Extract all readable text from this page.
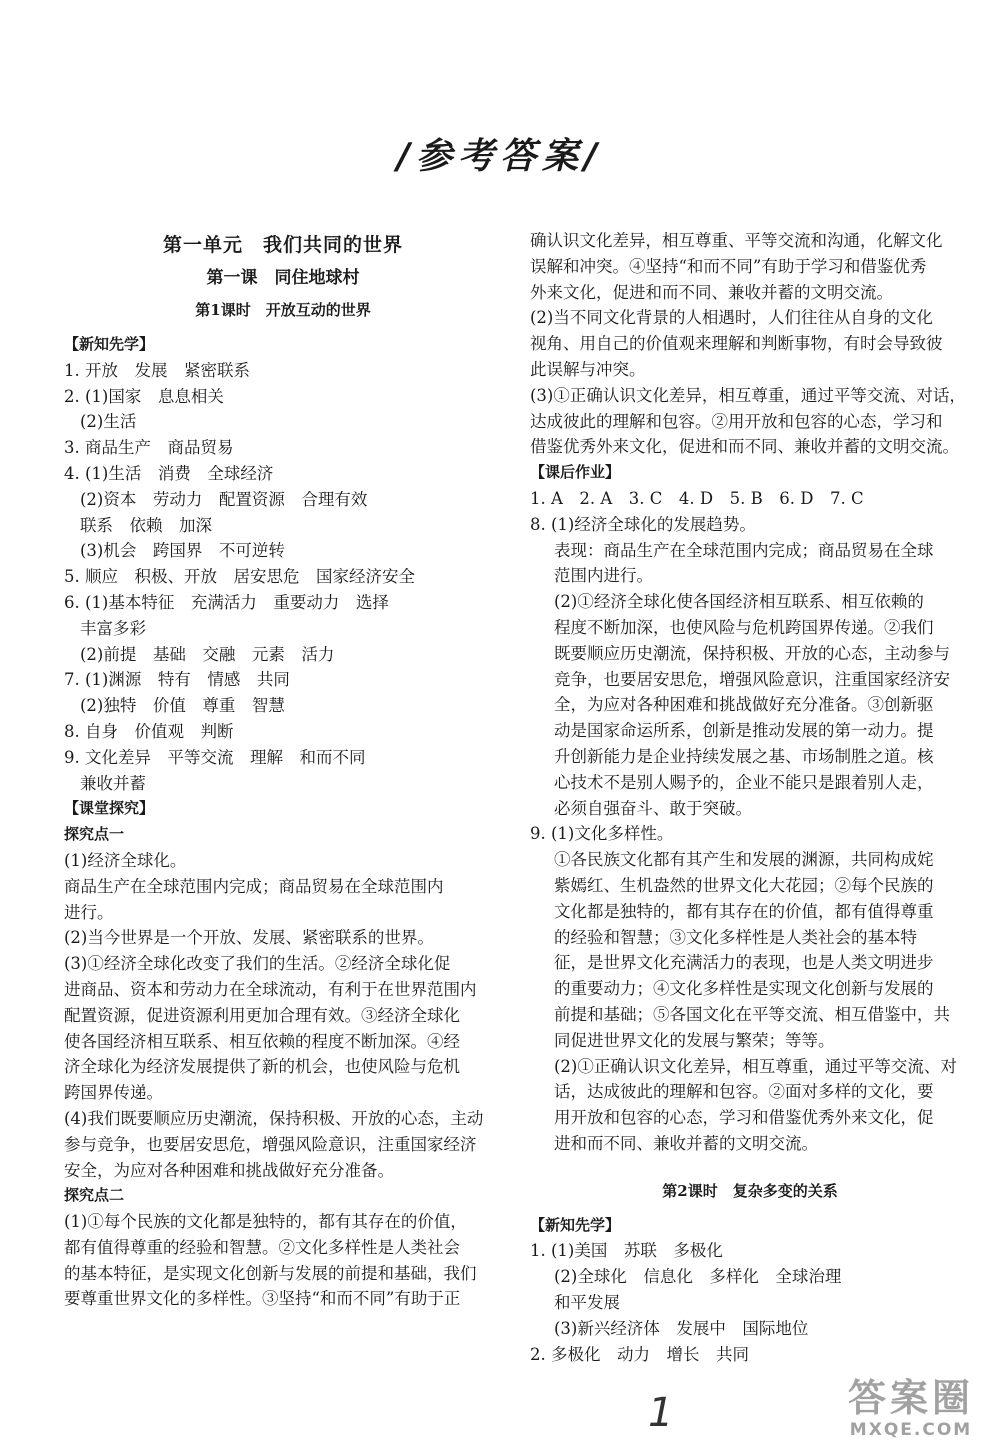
/参考答案/
第一单元　我们共同的世界
第一课　同住地球村
第1课时　开放互动的世界
【新知先学】
1. 开放　发展　紧密联系
2. (1)国家　息息相关
(2)生活
3. 商品生产　商品贸易
4. (1)生活　消费　全球经济
(2)资本　劳动力　配置资源　合理有效
联系　依赖　加深
(3)机会　跨国界　不可逆转
5. 顺应　积极、开放　居安思危　国家经济安全
6. (1)基本特征　充满活力　重要动力　选择
丰富多彩
(2)前提　基础　交融　元素　活力
7. (1)渊源　特有　情感　共同
(2)独特　价值　尊重　智慧
8. 自身　价值观　判断
9. 文化差异　平等交流　理解　和而不同
兼收并蓄
【课堂探究】
探究点一
(1)经济全球化。
商品生产在全球范围内完成；商品贸易在全球范围内
进行。
(2)当今世界是一个开放、发展、紧密联系的世界。
(3)①经济全球化改变了我们的生活。②经济全球化促
进商品、资本和劳动力在全球流动，有利于在世界范围内
配置资源，促进资源利用更加合理有效。③经济全球化
使各国经济相互联系、相互依赖的程度不断加深。④经
济全球化为经济发展提供了新的机会，也使风险与危机
跨国界传递。
(4)我们既要顺应历史潮流，保持积极、开放的心态，主动
参与竞争，也要居安思危，增强风险意识，注重国家经济
安全，为应对各种困难和挑战做好充分准备。
探究点二
(1)①每个民族的文化都是独特的，都有其存在的价值，
都有值得尊重的经验和智慧。②文化多样性是人类社会
的基本特征，是实现文化创新与发展的前提和基础，我们
要尊重世界文化的多样性。③坚持“和而不同”有助于正
确认识文化差异，相互尊重、平等交流和沟通，化解文化
误解和冲突。④坚持“和而不同”有助于学习和借鉴优秀
外来文化，促进和而不同、兼收并蓄的文明交流。
(2)当不同文化背景的人相遇时，人们往往从自身的文化
视角、用自己的价值观来理解和判断事物，有时会导致彼
此误解与冲突。
(3)①正确认识文化差异，相互尊重，通过平等交流、对话，
达成彼此的理解和包容。②用开放和包容的心态，学习和
借鉴优秀外来文化，促进和而不同、兼收并蓄的文明交流。
【课后作业】
1. A　2. A　3. C　4. D　5. B　6. D　7. C
8. (1)经济全球化的发展趋势。
表现：商品生产在全球范围内完成；商品贸易在全球
范围内进行。
(2)①经济全球化使各国经济相互联系、相互依赖的
程度不断加深，也使风险与危机跨国界传递。②我们
既要顺应历史潮流，保持积极、开放的心态，主动参与
竞争，也要居安思危，增强风险意识，注重国家经济安
全，为应对各种困难和挑战做好充分准备。③创新驱
动是国家命运所系，创新是推动发展的第一动力。提
升创新能力是企业持续发展之基、市场制胜之道。核
心技术不是别人赐予的，企业不能只是跟着别人走，
必须自强奋斗、敢于突破。
9. (1)文化多样性。
①各民族文化都有其产生和发展的渊源，共同构成姹
紫嫣红、生机盎然的世界文化大花园；②每个民族的
文化都是独特的，都有其存在的价值，都有值得尊重
的经验和智慧；③文化多样性是人类社会的基本特
征，是世界文化充满活力的表现，也是人类文明进步
的重要动力；④文化多样性是实现文化创新与发展的
前提和基础；⑤各国文化在平等交流、相互借鉴中，共
同促进世界文化的发展与繁荣；等等。
(2)①正确认识文化差异，相互尊重，通过平等交流、对
话，达成彼此的理解和包容。②面对多样的文化，要
用开放和包容的心态，学习和借鉴优秀外来文化，促
进和而不同、兼收并蓄的文明交流。
第2课时　复杂多变的关系
【新知先学】
1. (1)美国　苏联　多极化
(2)全球化　信息化　多样化　全球治理
和平发展
(3)新兴经济体　发展中　国际地位
2. 多极化　动力　增长　共同
1	答案圈
MXQE.COM
